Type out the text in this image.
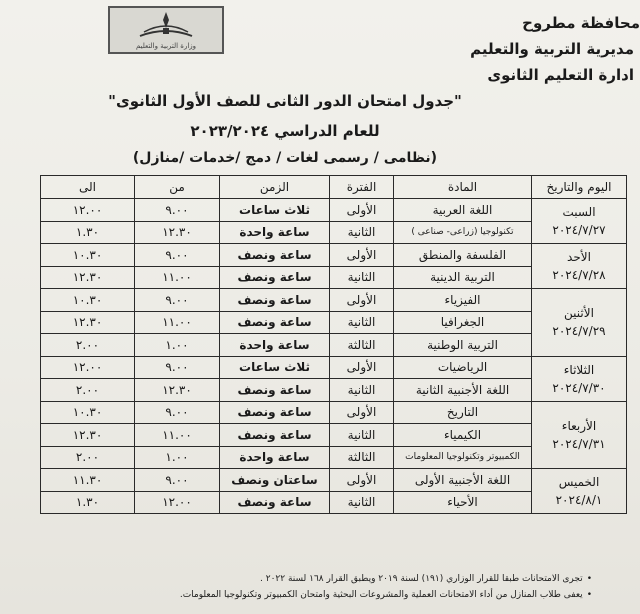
وزارة التربية والتعليم
محافظة مطروح
مديرية التربية والتعليم
ادارة التعليم الثانوى
"جدول امتحان الدور الثانى للصف الأول الثانوى"
للعام الدراسي ٢٠٢٣/٢٠٢٤
(نظامى / رسمى لغات / دمج /خدمات /منازل)
اليوم والتاريخ	المادة	الفترة	الزمن	من	الى

السبت
٢٠٢٤/٧/٢٧	اللغة العربية	الأولى	ثلاث ساعات	٩.٠٠	١٢.٠٠
	تكنولوجيا (زراعى- صناعى )	الثانية	ساعة واحدة	١٢.٣٠	١.٣٠

الأحد
٢٠٢٤/٧/٢٨	الفلسفة والمنطق	الأولى	ساعة ونصف	٩.٠٠	١٠.٣٠
	التربية الدينية	الثانية	ساعة ونصف	١١.٠٠	١٢.٣٠

الأثنين
٢٠٢٤/٧/٢٩	الفيزياء	الأولى	ساعة ونصف	٩.٠٠	١٠.٣٠
	الجغرافيا	الثانية	ساعة ونصف	١١.٠٠	١٢.٣٠
	التربية الوطنية	الثالثة	ساعة واحدة	١.٠٠	٢.٠٠

الثلاثاء
٢٠٢٤/٧/٣٠	الرياضيات	الأولى	ثلاث ساعات	٩.٠٠	١٢.٠٠
	اللغة الأجنبية الثانية	الثانية	ساعة ونصف	١٢.٣٠	٢.٠٠

الأربعاء
٢٠٢٤/٧/٣١	التاريخ	الأولى	ساعة ونصف	٩.٠٠	١٠.٣٠
	الكيمياء	الثانية	ساعة ونصف	١١.٠٠	١٢.٣٠
	الكمبيوتر وتكنولوجيا المعلومات	الثالثة	ساعة واحدة	١.٠٠	٢.٠٠

الخميس
٢٠٢٤/٨/١	اللغة الأجنبية الأولى	الأولى	ساعتان ونصف	٩.٠٠	١١.٣٠
	الأحياء	الثانية	ساعة ونصف	١٢.٠٠	١.٣٠
•تجرى الامتحانات طبقا للقرار الوزاري (١٩١) لسنة ٢٠١٩ ويطبق القرار ١٦٨ لسنة ٢٠٢٢ .
•يعفى طلاب المنازل من أداء الامتحانات العملية والمشروعات البحثية وامتحان الكمبيوتر وتكنولوجيا المعلومات.
